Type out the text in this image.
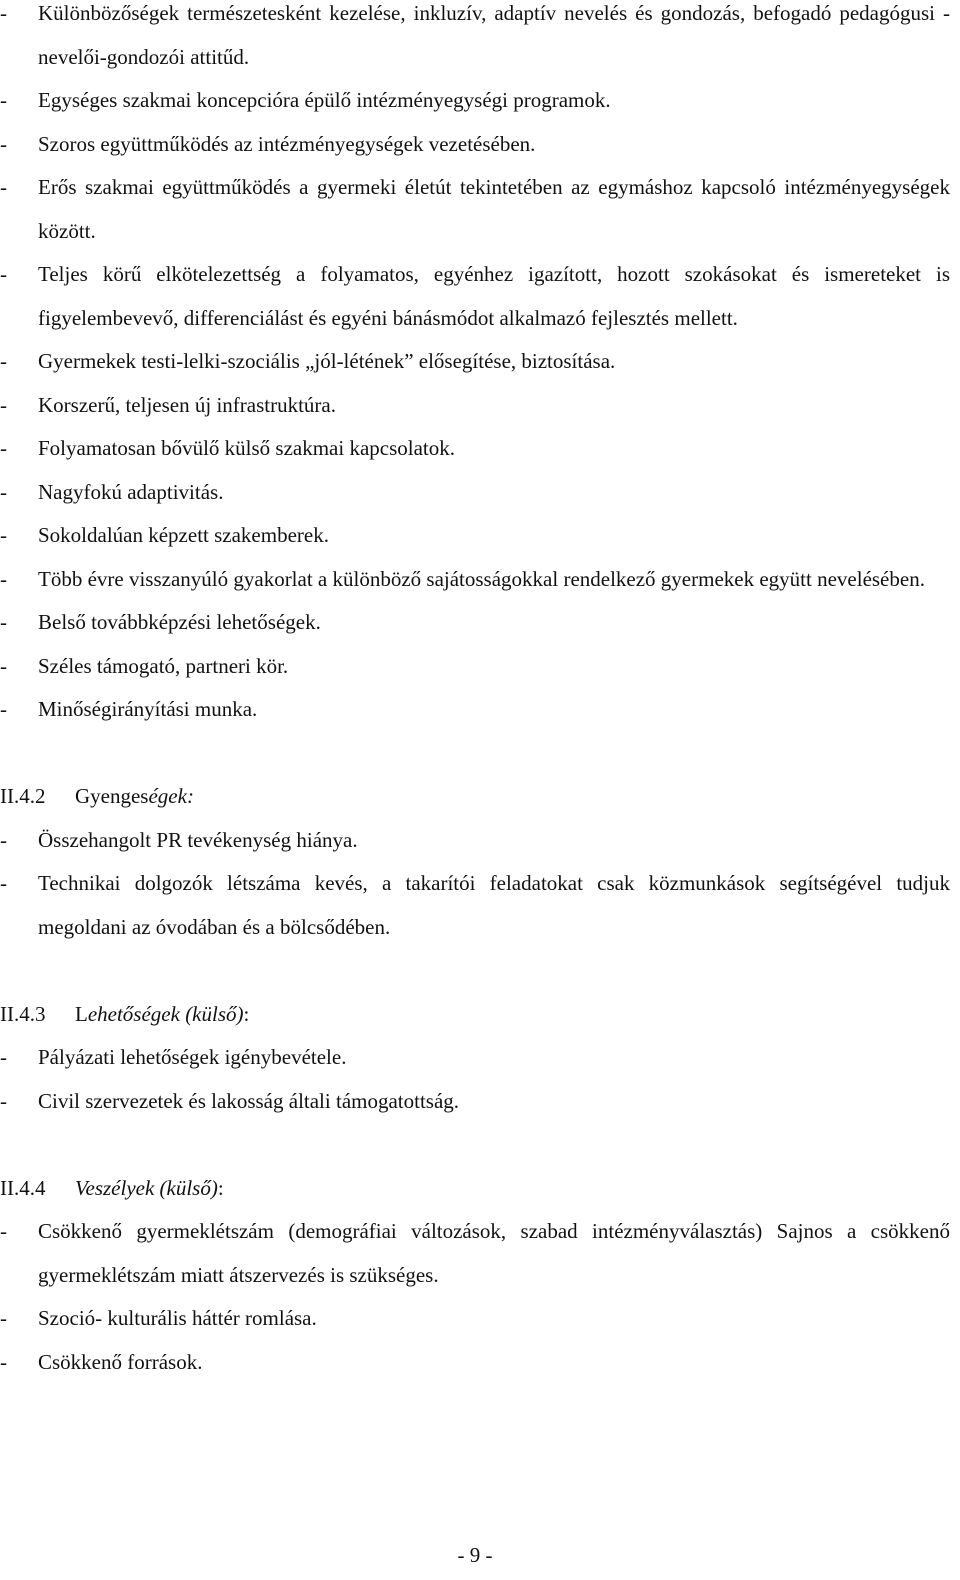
-	Különbözőségek természetesként kezelése, inkluzív, adaptív nevelés és gondozás, befogadó pedagógusi - nevelői-gondozói attitűd.
-	Egységes szakmai koncepcióra épülő intézményegységi programok.
-	Szoros együttműködés az intézményegységek vezetésében.
-	Erős szakmai együttműködés a gyermeki életút tekintetében az egymáshoz kapcsoló intézményegységek között.
-	Teljes körű elkötelezettség a folyamatos, egyénhez igazított, hozott szokásokat és ismereteket is figyelembevevő, differenciálást és egyéni bánásmódot alkalmazó fejlesztés mellett.
-	Gyermekek testi-lelki-szociális „jól-létének” elősegítése, biztosítása.
-	Korszerű, teljesen új infrastruktúra.
-	Folyamatosan bővülő külső szakmai kapcsolatok.
-	Nagyfokú adaptivitás.
-	Sokoldalúan képzett szakemberek.
-	Több évre visszanyúló gyakorlat a különböző sajátosságokkal rendelkező gyermekek együtt nevelésében.
-	Belső továbbképzési lehetőségek.
-	Széles támogató, partneri kör.
-	Minőségirányítási munka.
II.4.2 Gyengeségek:
-	Összehangolt PR tevékenység hiánya.
-	Technikai dolgozók létszáma kevés, a takarítói feladatokat csak közmunkások segítségével tudjuk megoldani az óvodában és a bölcsődében.
II.4.3 Lehetőségek (külső):
-	Pályázati lehetőségek igénybevétele.
-	Civil szervezetek és lakosság általi támogatottság.
II.4.4 Veszélyek (külső):
-	Csökkenő gyermeklétszám (demográfiai változások, szabad intézményválasztás) Sajnos a csökkenő gyermeklétszám miatt átszervezés is szükséges.
-	Szoció- kulturális háttér romlása.
-	Csökkenő források.
- 9 -
